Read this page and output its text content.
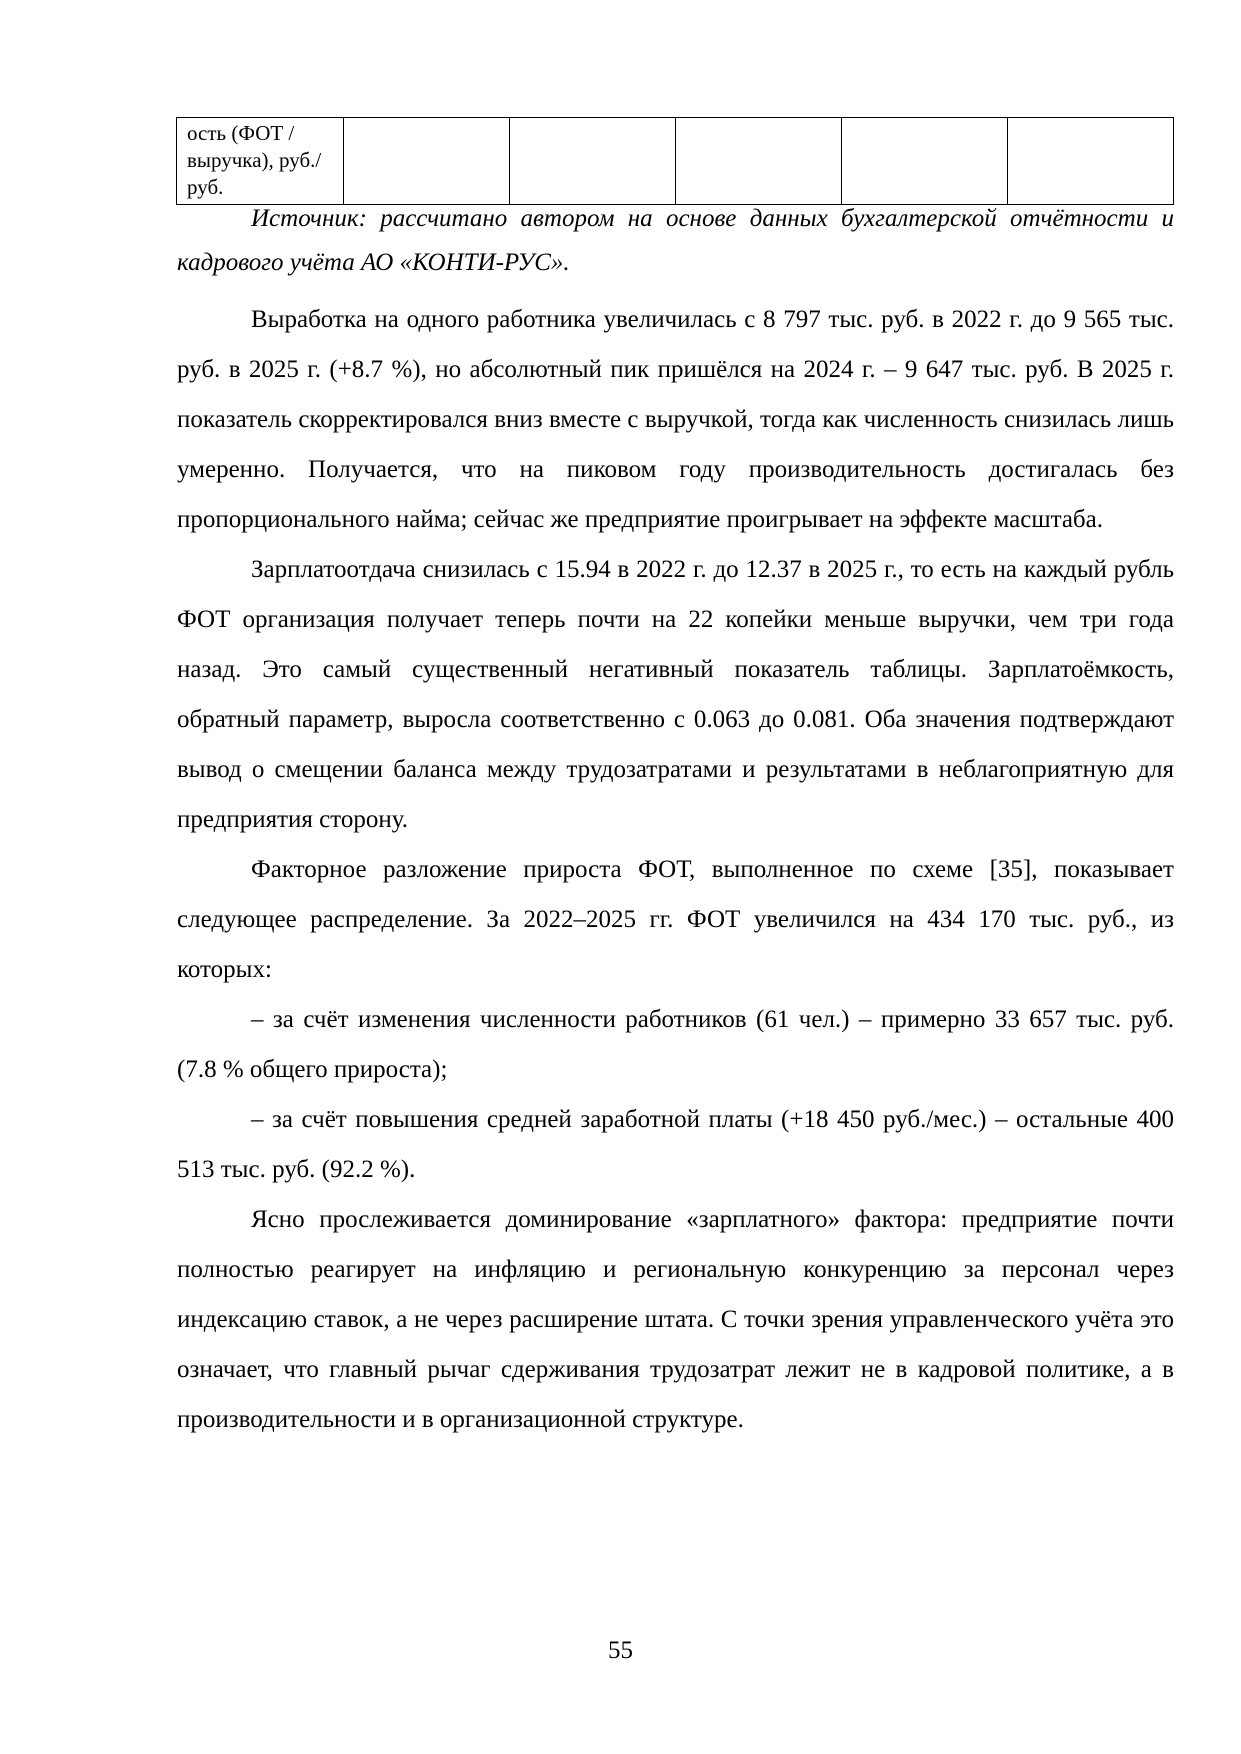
ость (ФОТ / выручка), руб./руб.					

Источник: рассчитано автором на основе данных бухгалтерской отчётности и кадрового учёта АО «КОНТИ-РУС».

Выработка на одного работника увеличилась с 8 797 тыс. руб. в 2022 г. до 9 565 тыс. руб. в 2025 г. (+8.7 %), но абсолютный пик пришёлся на 2024 г. – 9 647 тыс. руб. В 2025 г. показатель скорректировался вниз вместе с выручкой, тогда как численность снизилась лишь умеренно. Получается, что на пиковом году производительность достигалась без пропорционального найма; сейчас же предприятие проигрывает на эффекте масштаба.

Зарплатоотдача снизилась с 15.94 в 2022 г. до 12.37 в 2025 г., то есть на каждый рубль ФОТ организация получает теперь почти на 22 копейки меньше выручки, чем три года назад. Это самый существенный негативный показатель таблицы. Зарплатоёмкость, обратный параметр, выросла соответственно с 0.063 до 0.081. Оба значения подтверждают вывод о смещении баланса между трудозатратами и результатами в неблагоприятную для предприятия сторону.

Факторное разложение прироста ФОТ, выполненное по схеме [35], показывает следующее распределение. За 2022–2025 гг. ФОТ увеличился на 434 170 тыс. руб., из которых:

– за счёт изменения численности работников (61 чел.) – примерно 33 657 тыс. руб. (7.8 % общего прироста);

– за счёт повышения средней заработной платы (+18 450 руб./мес.) – остальные 400 513 тыс. руб. (92.2 %).

Ясно прослеживается доминирование «зарплатного» фактора: предприятие почти полностью реагирует на инфляцию и региональную конкуренцию за персонал через индексацию ставок, а не через расширение штата. С точки зрения управленческого учёта это означает, что главный рычаг сдерживания трудозатрат лежит не в кадровой политике, а в производительности и в организационной структуре.

55
